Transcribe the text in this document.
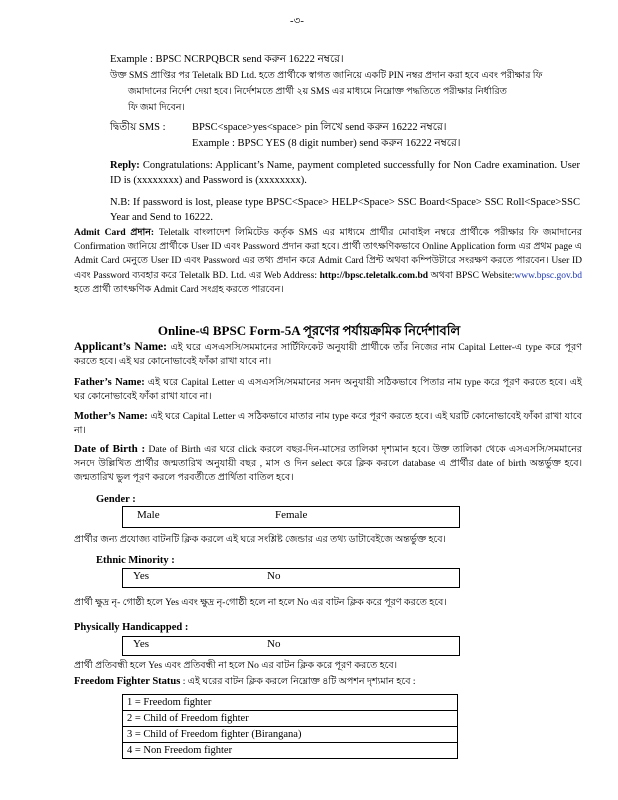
-৩-
Example : BPSC NCRPQBCR send করুন 16222 নম্বরে।
উক্ত SMS প্রাপ্তির পর Teletalk BD Ltd. হতে প্রার্থীকে স্বাগত জানিয়ে একটি PIN নম্বর প্রদান করা হবে এবং পরীক্ষার ফি
জমাদানের নির্দেশ দেয়া হবে। নির্দেশমতে প্রার্থী ২য় SMS এর মাধ্যমে নিম্নোক্ত পদ্ধতিতে পরীক্ষার নির্ধারিত
ফি জমা দিবেন।
দ্বিতীয় SMS :	BPSC<space>yes<space> pin লিখে send করুন 16222 নম্বরে।
Example : BPSC YES (8 digit number) send করুন 16222 নম্বরে।
Reply: Congratulations: Applicant’s Name, payment completed successfully for Non Cadre examination. User ID is (xxxxxxxx) and Password is (xxxxxxxx).
N.B: If password is lost, please type BPSC<Space> HELP<Space> SSC Board<Space> SSC Roll<Space>SSC Year and Send to 16222.
Admit Card প্রদান: Teletalk বাংলাদেশ লিমিটেড কর্তৃক SMS এর মাধ্যমে প্রার্থীর মোবাইল নম্বরে প্রার্থীকে পরীক্ষার ফি জমাদানের Confirmation জানিয়ে প্রার্থীকে User ID এবং Password প্রদান করা হবে। প্রার্থী তাৎক্ষণিকভাবে Online Application form এর প্রথম page এ Admit Card মেনুতে User ID এবং Password এর তথ্য প্রদান করে Admit Card প্রিন্ট অথবা কম্পিউটারে সংরক্ষণ করতে পারবেন। User ID এবং Password ব্যবহার করে Teletalk BD. Ltd. এর Web Address: http://bpsc.teletalk.com.bd অথবা BPSC Website:www.bpsc.gov.bd হতে প্রার্থী তাৎক্ষণিক Admit Card সংগ্রহ করতে পারবেন।
Online-এ BPSC Form-5A পূরণের পর্যায়ক্রমিক নির্দেশাবলি
Applicant’s Name: এই ঘরে এসএসসি/সমমানের সার্টিফিকেট অনুযায়ী প্রার্থীকে তাঁর নিজের নাম Capital Letter-এ type করে পূরণ করতে হবে। এই ঘর কোনোভাবেই ফাঁকা রাখা যাবে না।
Father’s Name: এই ঘরে Capital Letter এ এসএসসি/সমমানের সনদ অনুযায়ী সঠিকভাবে পিতার নাম type করে পূরণ করতে হবে। এই ঘর কোনোভাবেই ফাঁকা রাখা যাবে না।
Mother’s Name: এই ঘরে Capital Letter এ সঠিকভাবে মাতার নাম type করে পূরণ করতে হবে। এই ঘরটি কোনোভাবেই ফাঁকা রাখা যাবে না।
Date of Birth : Date of Birth এর ঘরে click করলে বছর-দিন-মাসের তালিকা দৃশ্যমান হবে। উক্ত তালিকা থেকে এসএসসি/সমমানের সনদে উল্লিখিত প্রার্থীর জন্মতারিখ অনুযায়ী বছর , মাস ও দিন select করে ক্লিক করলে database এ প্রার্থীর date of birth অন্তর্ভুক্ত হবে। জন্মতারিখ ভুল পূরণ করলে পরবর্তীতে প্রার্থিতা বাতিল হবে।
Gender :
Male	Female
প্রার্থীর জন্য প্রযোজ্য বাটনটি ক্লিক করলে এই ঘরে সংশ্লিষ্ট জেন্ডার এর তথ্য ডাটাবেইজে অন্তর্ভুক্ত হবে।
Ethnic Minority :
Yes	No
প্রার্থী ক্ষুদ্র নৃ- গোষ্ঠী হলে Yes এবং ক্ষুদ্র নৃ-গোষ্ঠী হলে না হলে No এর বাটন ক্লিক করে পূরণ করতে হবে।
Physically Handicapped :
Yes	No
প্রার্থী প্রতিবন্ধী হলে Yes এবং প্রতিবন্ধী না হলে No এর বাটন ক্লিক করে পূরণ করতে হবে।
Freedom Fighter Status : এই ঘরের বাটন ক্লিক করলে নিম্নোক্ত ৪টি অপশন দৃশ্যমান হবে :
1 = Freedom fighter
2 = Child of Freedom fighter
3 = Child of Freedom fighter (Birangana)
4 = Non Freedom fighter
